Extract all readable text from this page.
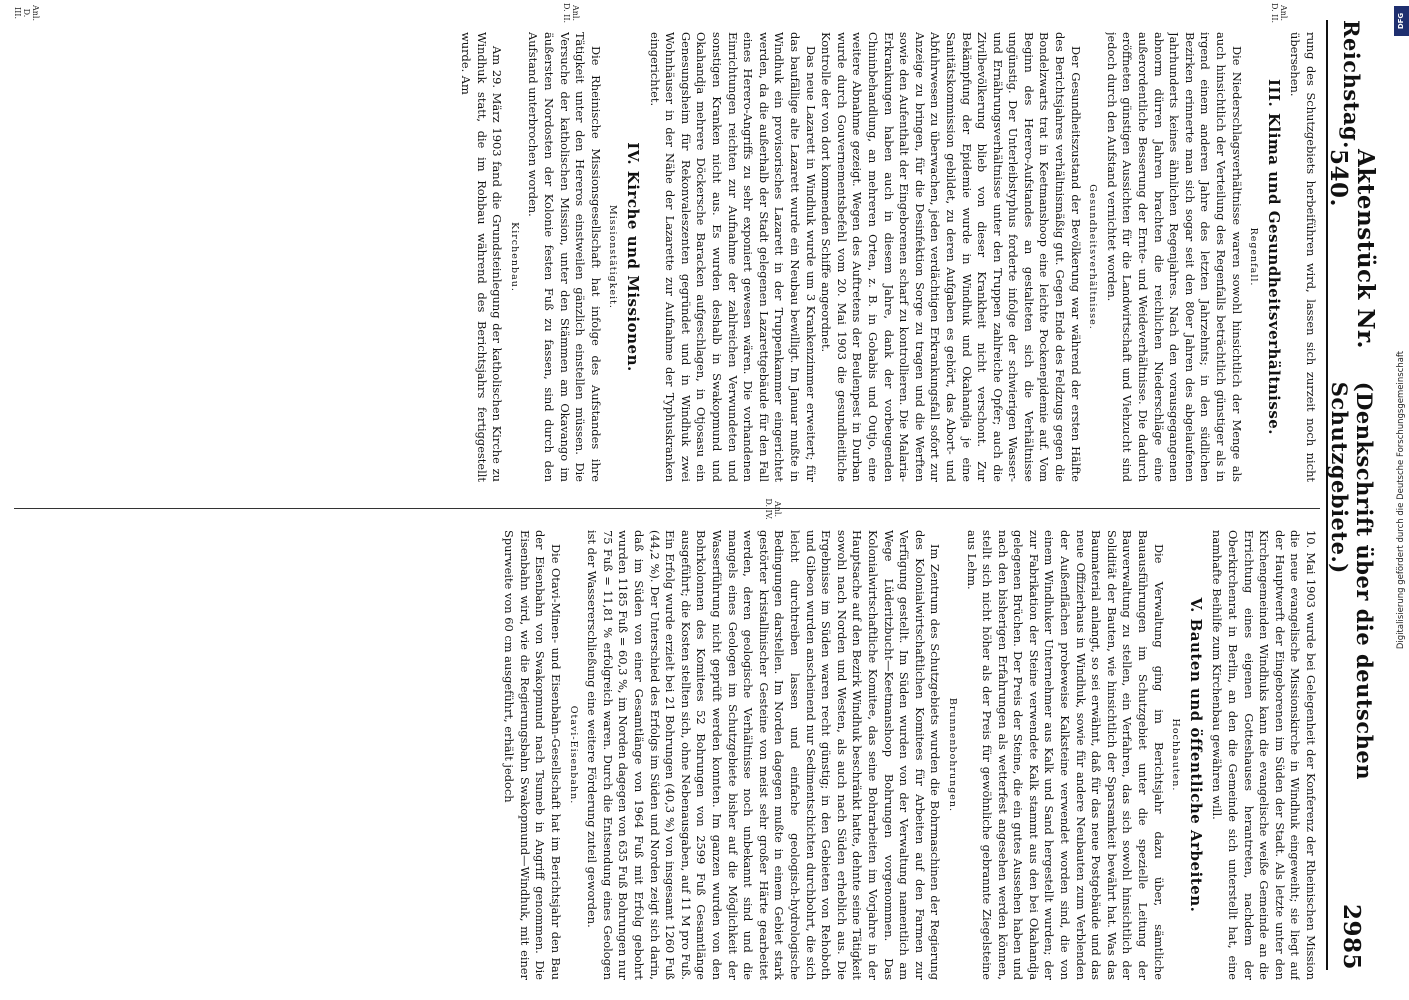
Reichstag.
Aktenstück Nr. 540.
(Denkschrift über die deutschen Schutzgebiete.)
2985

rung des Schutzgebiets herbeiführen wird, lassen sich zurzeit noch nicht übersehen.

III. Klima und Gesundheitsverhältnisse.
Regenfall.

Die Niederschlagsverhältnisse waren sowohl hinsichtlich der Menge als auch hinsichtlich der Verteilung des Regenfalls beträchtlich günstiger als in irgend einem anderen Jahre des letzten Jahrzehnts; in den südlichen Bezirken erinnerte man sich sogar seit den 80er Jahren des abgelaufenen Jahrhunderts keines ähnlichen Regenjahres. Nach den vorausgegangenen abnorm dürren Jahren brachten die reichlichen Niederschläge eine außerordentliche Besserung der Ernte- und Weideverhältnisse. Die dadurch eröffneten günstigen Aussichten für die Landwirtschaft und Viehzucht sind jedoch durch den Aufstand vernichtet worden.

Gesundheitsverhältnisse.

Der Gesundheitszustand der Bevölkerung war während der ersten Hälfte des Berichtsjahres verhältnismäßig gut. Gegen Ende des Feldzugs gegen die Bondelzwarts trat in Keetmanshoop eine leichte Pockenepidemie auf. Vom Beginn des Herero-Aufstandes an gestalteten sich die Verhältnisse ungünstig. Der Unterleibstyphus forderte infolge der schwierigen Wasser- und Ernährungsverhältnisse unter den Truppen zahlreiche Opfer; auch die Zivilbevölkerung blieb von dieser Krankheit nicht verschont. Zur Bekämpfung der Epidemie wurde in Windhuk und Okahandja je eine Sanitätskommission gebildet, zu deren Aufgaben es gehört, das Abort- und Abfuhrwesen zu überwachen, jeden verdächtigen Erkrankungsfall sofort zur Anzeige zu bringen, für die Desinfektion Sorge zu tragen und die Werften sowie den Aufenthalt der Eingeborenen scharf zu kontrollieren. Die Malaria-Erkrankungen haben auch in diesem Jahre, dank der vorbeugenden Chininbehandlung, an mehreren Orten, z. B. in Gobabis und Outjo, eine weitere Abnahme gezeigt. Wegen des Auftretens der Beulenpest in Durban wurde durch Gouvernementsbefehl vom 20. Mai 1903 die gesundheitliche Kontrolle der von dort kommenden Schiffe angeordnet.

Das neue Lazarett in Windhuk wurde um 3 Krankenzimmer erweitert; für das baufällige alte Lazarett wurde ein Neubau bewilligt. Im Januar mußte in Windhuk ein provisorisches Lazarett in der Truppenkammer eingerichtet werden, da die außerhalb der Stadt gelegenen Lazarettgebäude für den Fall eines Herero-Angriffs zu sehr exponiert gewesen wären. Die vorhandenen Einrichtungen reichten zur Aufnahme der zahlreichen Verwundeten und sonstigen Kranken nicht aus. Es wurden deshalb in Swakopmund und Okahandja mehrere Döckersche Baracken aufgeschlagen, in Otjosasu ein Genesungsheim für Rekonvaleszenten gegründet und in Windhuk zwei Wohnhäuser in der Nähe der Lazarette zur Aufnahme der Typhuskranken eingerichtet.

IV. Kirche und Missionen.
Missionstätigkeit.

Die Rheinische Missionsgesellschaft hat infolge des Aufstandes ihre Tätigkeit unter den Hereros einstweilen gänzlich einstellen müssen. Die Versuche der katholischen Mission, unter den Stämmen am Okavango im äußersten Nordosten der Kolonie festen Fuß zu fassen, sind durch den Aufstand unterbrochen worden.

Kirchenbau.

Am 29. März 1903 fand die Grundsteinlegung der katholischen Kirche zu Windhuk statt, die im Rohbau während des Berichtsjahrs fertiggestellt wurde. Am

10. Mai 1903 wurde bei Gelegenheit der Konferenz der Rheinischen Mission die neue evangelische Missionskirche in Windhuk eingeweiht; sie liegt auf der Hauptwerft der Eingeborenen im Süden der Stadt. Als letzte unter den Kirchengemeinden Windhuks kann die evangelische weiße Gemeinde an die Errichtung eines eigenen Gotteshauses herantreten, nachdem der Oberkirchenrat in Berlin, an den die Gemeinde sich unterstellt hat, eine namhafte Beihilfe zum Kirchenbau gewähren will.

V. Bauten und öffentliche Arbeiten.
Hochbauten.

Die Verwaltung ging im Berichtsjahr dazu über, sämtliche Bauausführungen im Schutzgebiet unter die spezielle Leitung der Bauverwaltung zu stellen, ein Verfahren, das sich sowohl hinsichtlich der Solidität der Bauten, wie hinsichtlich der Sparsamkeit bewährt hat. Was das Baumaterial anlangt, so sei erwähnt, daß für das neue Postgebäude und das neue Offizierhaus in Windhuk, sowie für andere Neubauten zum Verblenden der Außenflächen probeweise Kalksteine verwendet worden sind, die von einem Windhuker Unternehmer aus Kalk und Sand hergestellt wurden; der zur Fabrikation der Steine verwendete Kalk stammt aus den bei Okahandja gelegenen Brüchen. Der Preis der Steine, die ein gutes Aussehen haben und nach den bisherigen Erfahrungen als wetterfest angesehen werden können, stellt sich nicht höher als der Preis für gewöhnliche gebrannte Ziegelsteine aus Lehm.

Brunnenbohrungen.

Im Zentrum des Schutzgebiets wurden die Bohrmaschinen der Regierung des Kolonialwirtschaftlichen Komitees für Arbeiten auf den Farmen zur Verfügung gestellt. Im Süden wurden von der Verwaltung namentlich am Wege Lüderitzbucht—Keetmanshoop Bohrungen vorgenommen. Das Kolonialwirtschaftliche Komitee, das seine Bohrarbeiten im Vorjahre in der Hauptsache auf den Bezirk Windhuk beschränkt hatte, dehnte seine Tätigkeit sowohl nach Norden und Westen, als auch nach Süden erheblich aus. Die Ergebnisse im Süden waren recht günstig; in den Gebieten von Rehoboth und Gibeon wurden anscheinend nur Sedimentschichten durchbohrt, die sich leicht durchtreiben lassen und einfache geologisch-hydrologische Bedingungen darstellen. Im Norden dagegen mußte in einem Gebiet stark gestörter kristallinischer Gesteine von meist sehr großer Härte gearbeitet werden, deren geologische Verhältnisse noch unbekannt sind und die mangels eines Geologen im Schutzgebiete bisher auf die Möglichkeit der Wasserführung nicht geprüft werden konnten. Im ganzen wurden von den Bohrkolonnen des Komitees 52 Bohrungen von 2599 Fuß Gesamtlänge ausgeführt; die Kosten stellten sich, ohne Nebenausgaben, auf 11 M pro Fuß. Ein Erfolg wurde erzielt bei 21 Bohrungen (40,3 %) von insgesamt 1260 Fuß (44,2 %). Der Unterschied des Erfolgs im Süden und Norden zeigt sich darin, daß im Süden von einer Gesamtlänge von 1964 Fuß mit Erfolg gebohrt wurden 1185 Fuß = 60,3 %, im Norden dagegen von 635 Fuß Bohrungen nur 75 Fuß = 11,81 % erfolgreich waren. Durch die Entsendung eines Geologen ist der Wassererschließung eine weitere Förderung zuteil geworden.

Otavi-Eisenbahn.

Die Otavi-Minen- und Eisenbahn-Gesellschaft hat im Berichtsjahr den Bau der Eisenbahn von Swakopmund nach Tsumeb in Angriff genommen. Die Eisenbahn wird, wie die Regierungsbahn Swakopmund—Windhuk, mit einer Spurweite von 60 cm ausgeführt, erhält jedoch

Anl. D. II.
Anl. D. II.
Anl. D. III.
Anl. D. IV.
DFG
Digitalisierung gefördert durch die Deutsche Forschungsgemeinschaft
